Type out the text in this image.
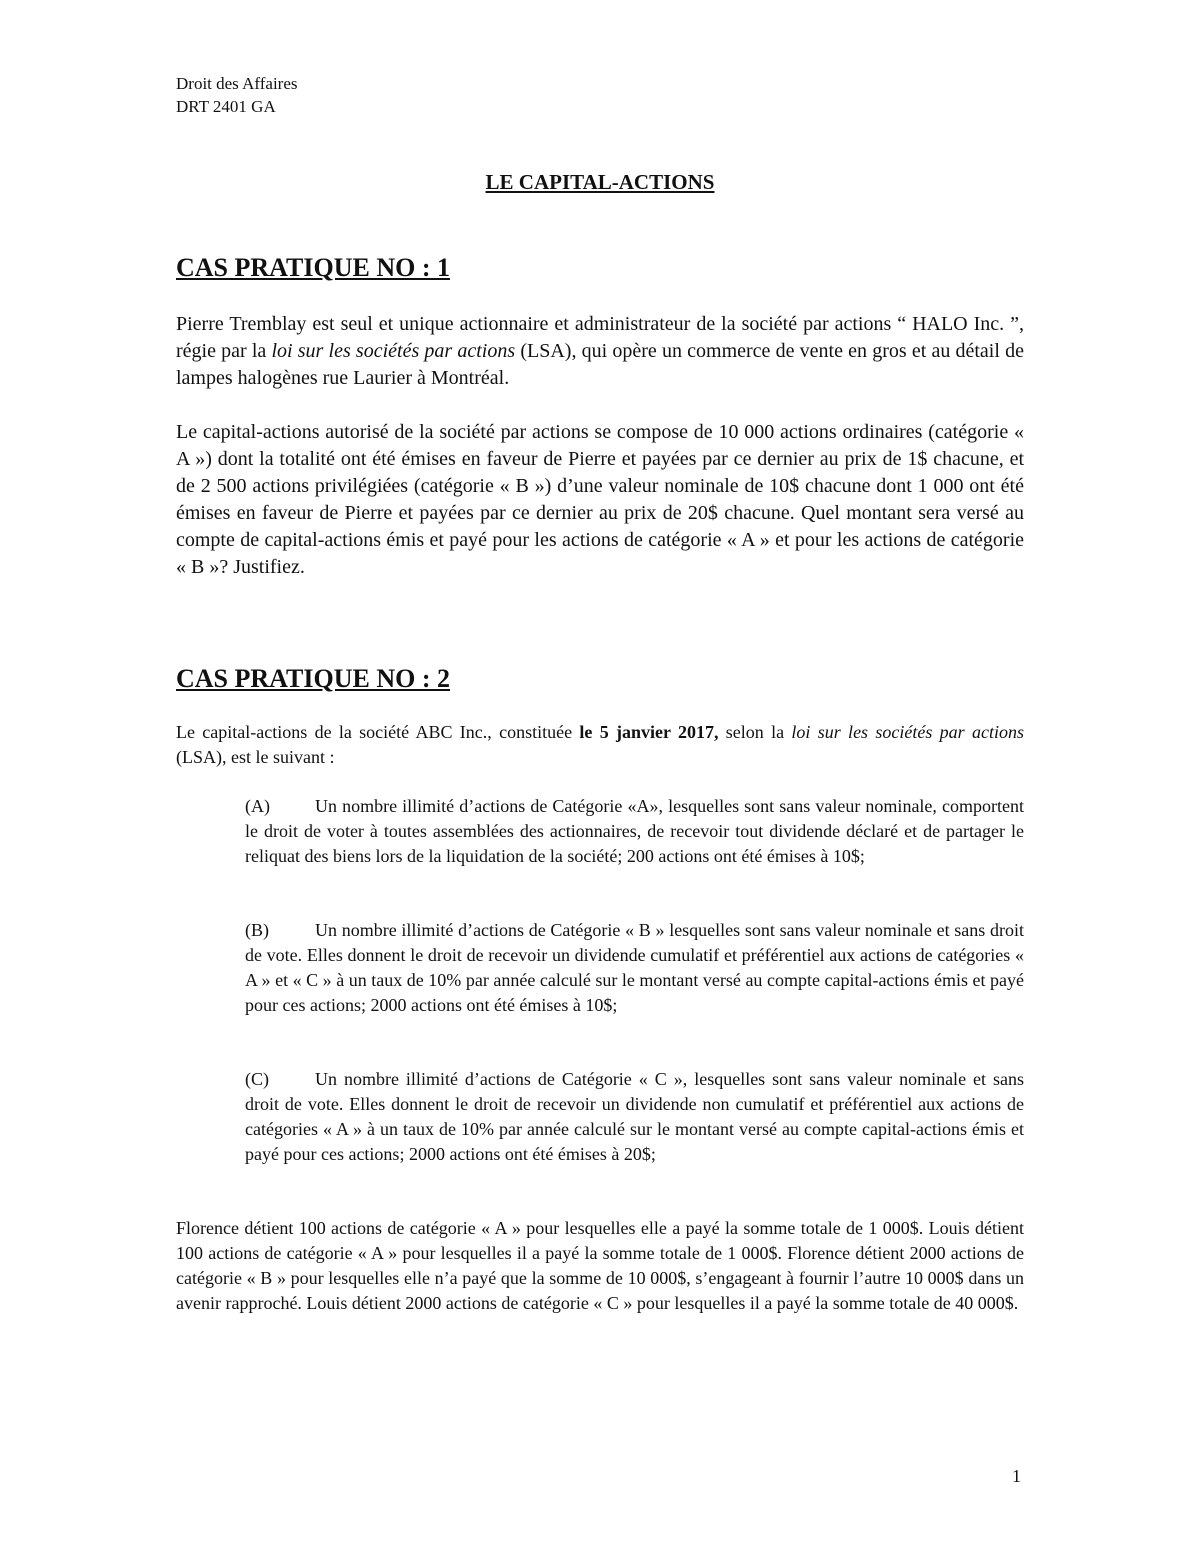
Droit des Affaires
DRT 2401 GA
LE CAPITAL-ACTIONS
CAS PRATIQUE NO : 1
Pierre Tremblay est seul et unique actionnaire et administrateur de la société par actions “ HALO Inc. ”, régie par la loi sur les sociétés par actions (LSA), qui opère un commerce de vente en gros et au détail de lampes halogènes rue Laurier à Montréal.
Le capital-actions autorisé de la société par actions se compose de 10 000 actions ordinaires (catégorie « A ») dont la totalité ont été émises en faveur de Pierre et payées par ce dernier au prix de 1$ chacune, et de 2 500 actions privilégiées (catégorie « B ») d’une valeur nominale de 10$ chacune dont 1 000 ont été émises en faveur de Pierre et payées par ce dernier au prix de 20$ chacune. Quel montant sera versé au compte de capital-actions émis et payé pour les actions de catégorie « A » et pour les actions de catégorie « B »? Justifiez.
CAS PRATIQUE NO : 2
Le capital-actions de la société ABC Inc., constituée le 5 janvier 2017, selon la loi sur les sociétés par actions (LSA), est le suivant :
(A)	Un nombre illimité d’actions de Catégorie «A», lesquelles sont sans valeur nominale, comportent le droit de voter à toutes assemblées des actionnaires, de recevoir tout dividende déclaré et de partager le reliquat des biens lors de la liquidation de la société; 200 actions ont été émises à 10$;
(B)	Un nombre illimité d’actions de Catégorie « B » lesquelles sont sans valeur nominale et sans droit de vote. Elles donnent le droit de recevoir un dividende cumulatif et préférentiel aux actions de catégories « A » et « C » à un taux de 10% par année calculé sur le montant versé au compte capital-actions émis et payé pour ces actions; 2000 actions ont été émises à 10$;
(C)	Un nombre illimité d’actions de Catégorie « C », lesquelles sont sans valeur nominale et sans droit de vote. Elles donnent le droit de recevoir un dividende non cumulatif et préférentiel aux actions de catégories « A » à un taux de 10% par année calculé sur le montant versé au compte capital-actions émis et payé pour ces actions; 2000 actions ont été émises à 20$;
Florence détient 100 actions de catégorie « A » pour lesquelles elle a payé la somme totale de 1 000$. Louis détient 100 actions de catégorie « A » pour lesquelles il a payé la somme totale de 1 000$. Florence détient 2000 actions de catégorie « B » pour lesquelles elle n’a payé que la somme de 10 000$, s’engageant à fournir l’autre 10 000$ dans un avenir rapproché. Louis détient 2000 actions de catégorie « C » pour lesquelles il a payé la somme totale de 40 000$.
1
